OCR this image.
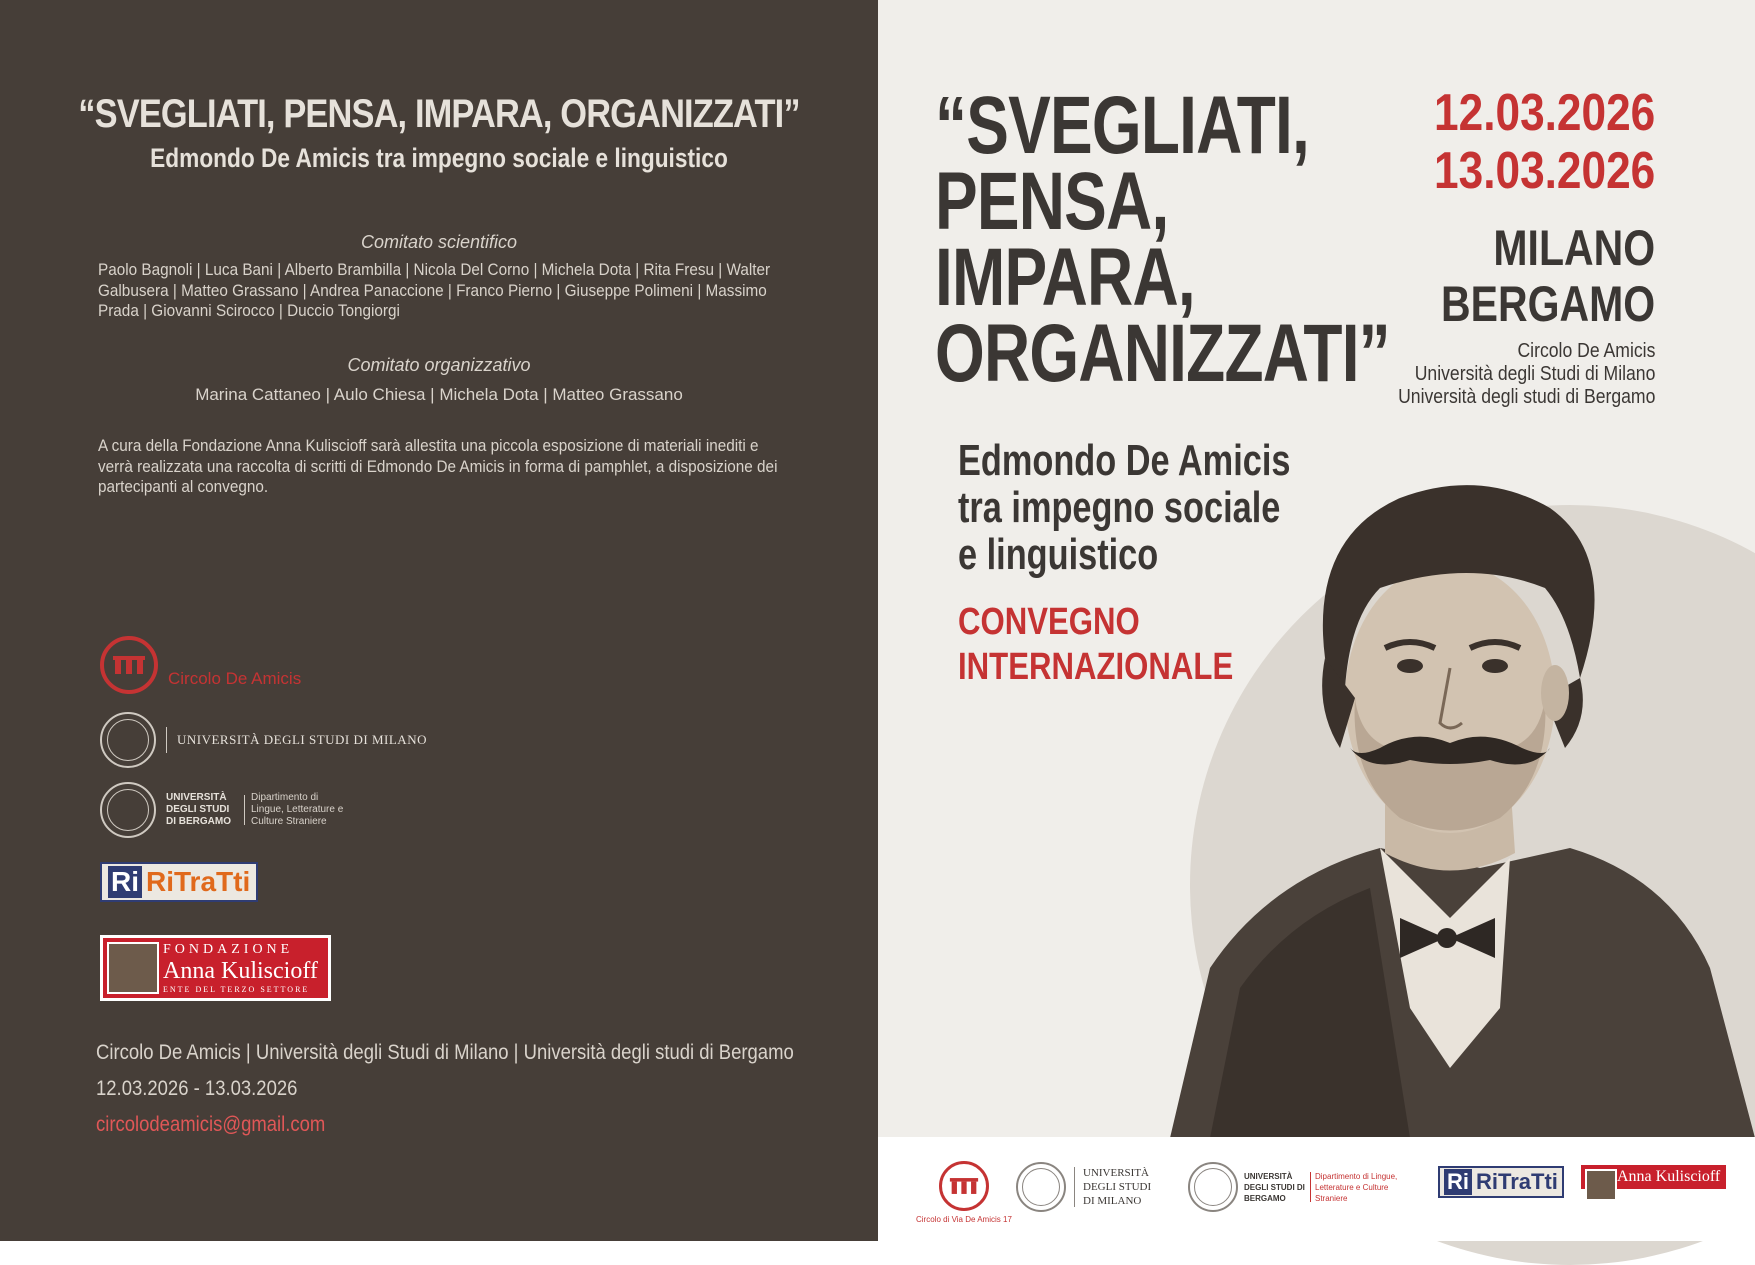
“SVEGLIATI, PENSA, IMPARA, ORGANIZZATI”
Edmondo De Amicis tra impegno sociale e linguistico
Comitato scientifico
Paolo Bagnoli | Luca Bani | Alberto Brambilla | Nicola Del Corno | Michela Dota | Rita Fresu | Walter Galbusera | Matteo Grassano | Andrea Panaccione | Franco Pierno | Giuseppe Polimeni | Massimo Prada | Giovanni Scirocco | Duccio Tongiorgi
Comitato organizzativo
Marina Cattaneo | Aulo Chiesa | Michela Dota | Matteo Grassano
A cura della Fondazione Anna Kuliscioff sarà allestita una piccola esposizione di materiali inediti e verrà realizzata una raccolta di scritti di Edmondo De Amicis in forma di pamphlet, a disposizione dei partecipanti al convegno.
Circolo De Amicis
UNIVERSITÀ DEGLI STUDI DI MILANO
UNIVERSITÀ DEGLI STUDI DI BERGAMO
Dipartimento di Lingue, Letterature e Culture Straniere
Ri RiTraTti
FONDAZIONE
Anna Kuliscioff
ENTE DEL TERZO SETTORE
Circolo De Amicis | Università degli Studi di Milano | Università degli studi di Bergamo
12.03.2026 - 13.03.2026
circolodeamicis@gmail.com
“SVEGLIATI,
PENSA,
IMPARA,
ORGANIZZATI”
Edmondo De Amicis
tra impegno sociale
e linguistico
CONVEGNO
INTERNAZIONALE
12.03.2026
13.03.2026
MILANO
BERGAMO
Circolo De Amicis
Università degli Studi di Milano
Università degli studi di Bergamo
Circolo di Via De Amicis 17
UNIVERSITÀ DEGLI STUDI DI MILANO
UNIVERSITÀ DEGLI STUDI DI BERGAMO
Dipartimento di Lingue, Letterature e Culture Straniere
Ri RiTraTti	Anna Kuliscioff
